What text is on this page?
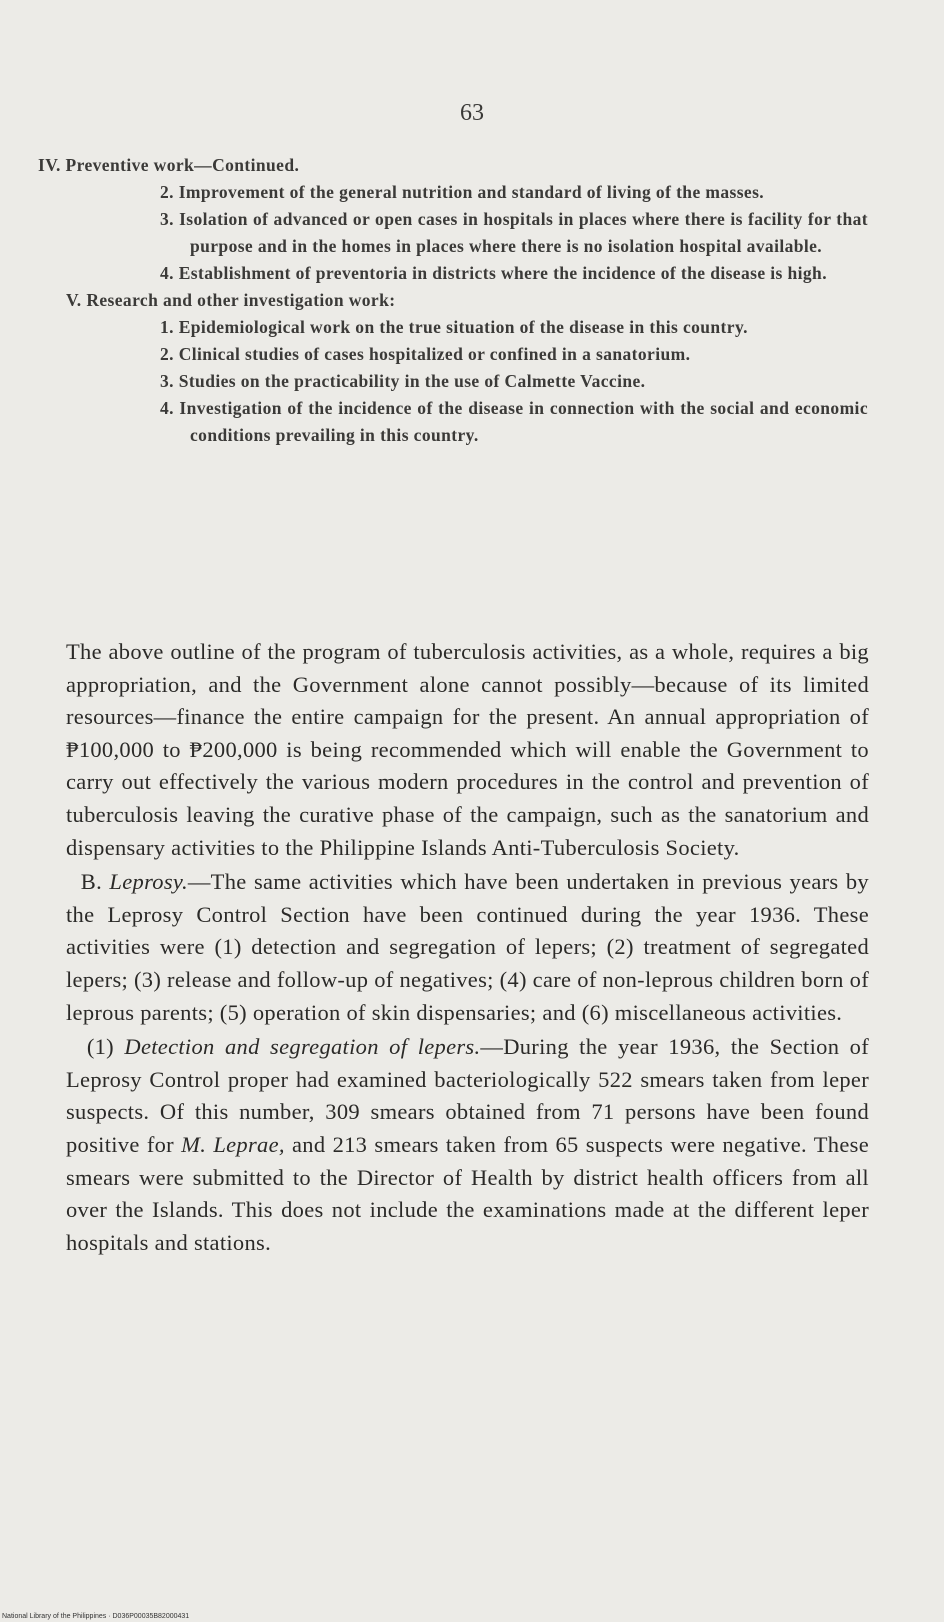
63
IV. Preventive work—Continued.
2. Improvement of the general nutrition and standard of living of the masses.
3. Isolation of advanced or open cases in hospitals in places where there is facility for that purpose and in the homes in places where there is no isolation hospital available.
4. Establishment of preventoria in districts where the incidence of the disease is high.
V. Research and other investigation work:
1. Epidemiological work on the true situation of the disease in this country.
2. Clinical studies of cases hospitalized or confined in a sanatorium.
3. Studies on the practicability in the use of Calmette Vaccine.
4. Investigation of the incidence of the disease in connection with the social and economic conditions prevailing in this country.

The above outline of the program of tuberculosis activities, as a whole, requires a big appropriation, and the Government alone cannot possibly—because of its limited resources—finance the entire campaign for the present. An annual appropriation of ₱100,000 to ₱200,000 is being recommended which will enable the Government to carry out effectively the various modern procedures in the control and prevention of tuberculosis leaving the curative phase of the campaign, such as the sanatorium and dispensary activities to the Philippine Islands Anti-Tuberculosis Society.

B. Leprosy.—The same activities which have been undertaken in previous years by the Leprosy Control Section have been continued during the year 1936. These activities were (1) detection and segregation of lepers; (2) treatment of segregated lepers; (3) release and follow-up of negatives; (4) care of non-leprous children born of leprous parents; (5) operation of skin dispensaries; and (6) miscellaneous activities.

(1) Detection and segregation of lepers.—During the year 1936, the Section of Leprosy Control proper had examined bacteriologically 522 smears taken from leper suspects. Of this number, 309 smears obtained from 71 persons have been found positive for M. Leprae, and 213 smears taken from 65 suspects were negative. These smears were submitted to the Director of Health by district health officers from all over the Islands. This does not include the examinations made at the different leper hospitals and stations.

National Library of the Philippines · D036P00035B82000431
